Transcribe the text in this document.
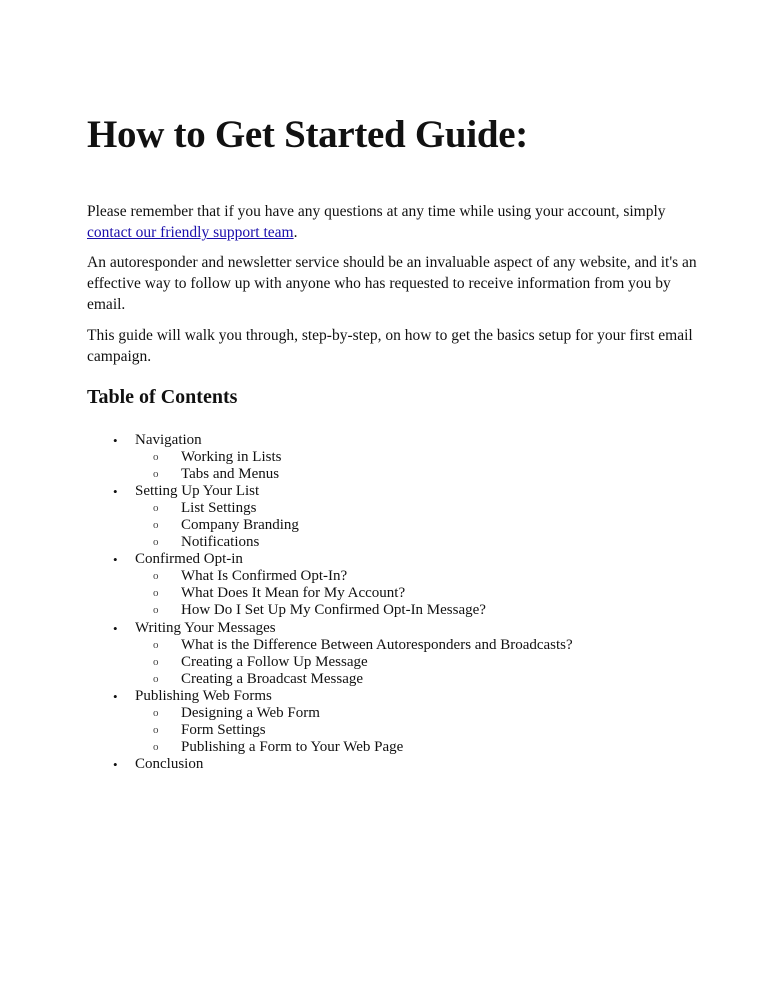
How to Get Started Guide:

Please remember that if you have any questions at any time while using your account, simply contact our friendly support team.

An autoresponder and newsletter service should be an invaluable aspect of any website, and it's an effective way to follow up with anyone who has requested to receive information from you by email.

This guide will walk you through, step-by-step, on how to get the basics setup for your first email campaign.

Table of Contents
• Navigation
o Working in Lists
o Tabs and Menus
• Setting Up Your List
o List Settings
o Company Branding
o Notifications
• Confirmed Opt-in
o What Is Confirmed Opt-In?
o What Does It Mean for My Account?
o How Do I Set Up My Confirmed Opt-In Message?
• Writing Your Messages
o What is the Difference Between Autoresponders and Broadcasts?
o Creating a Follow Up Message
o Creating a Broadcast Message
• Publishing Web Forms
o Designing a Web Form
o Form Settings
o Publishing a Form to Your Web Page
• Conclusion
